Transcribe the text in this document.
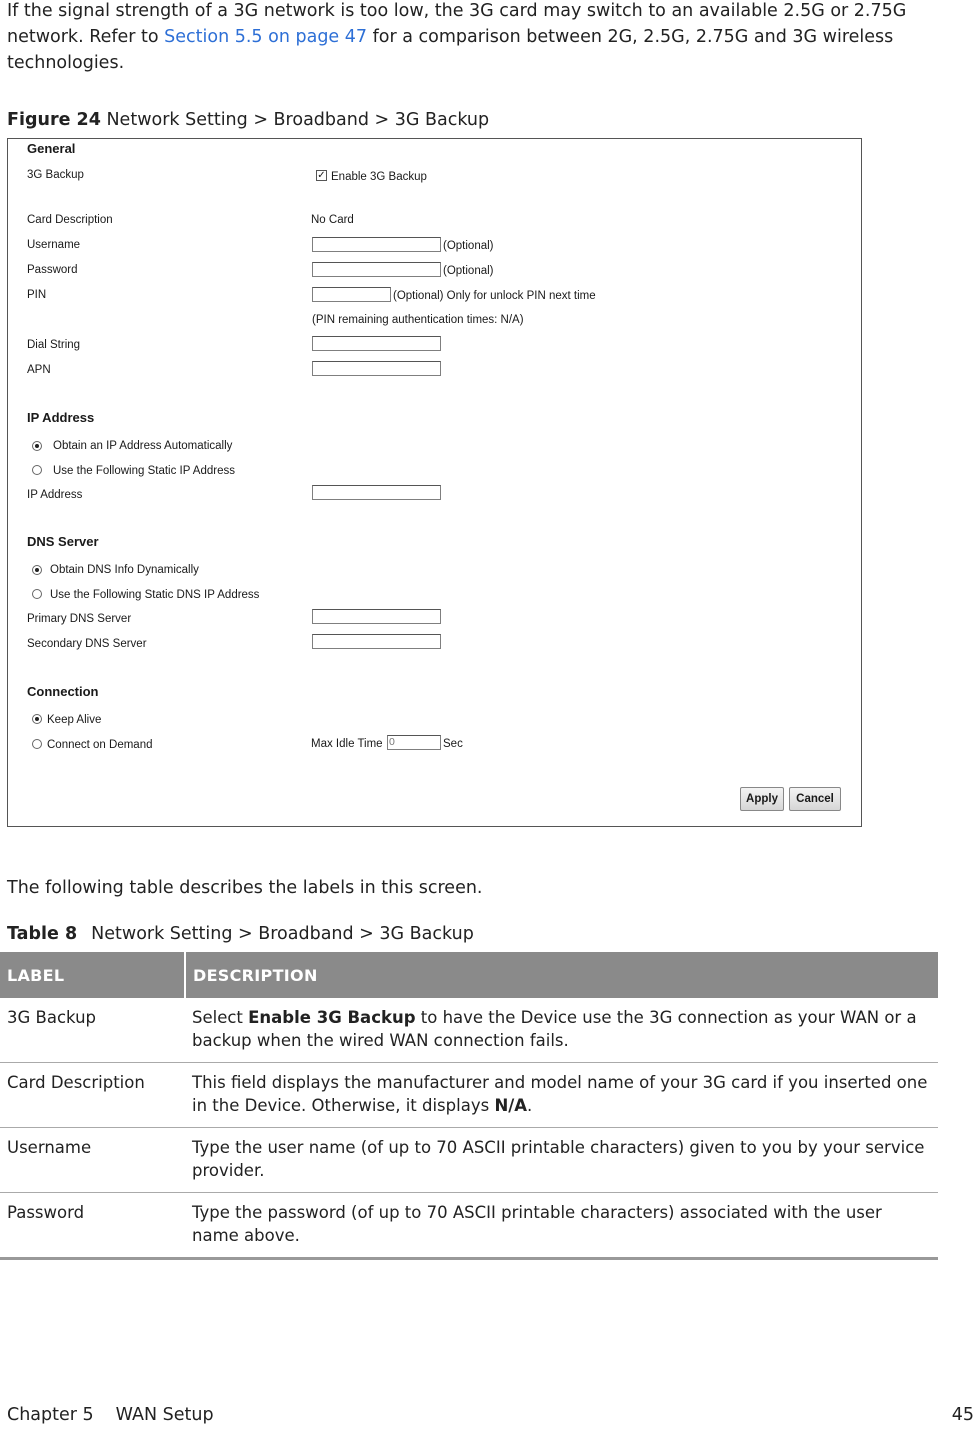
If the signal strength of a 3G network is too low, the 3G card may switch to an available 2.5G or 2.75G network. Refer to Section 5.5 on page 47 for a comparison between 2G, 2.5G, 2.75G and 3G wireless technologies.
Figure 24 Network Setting > Broadband > 3G Backup
General
3G Backup	✓ Enable 3G Backup
Card Description	No Card
Username	(Optional)
Password	(Optional)
PIN	(Optional) Only for unlock PIN next time
(PIN remaining authentication times: N/A)
Dial String
APN
IP Address
Obtain an IP Address Automatically
Use the Following Static IP Address
IP Address
DNS Server
Obtain DNS Info Dynamically
Use the Following Static DNS IP Address
Primary DNS Server
Secondary DNS Server
Connection
Keep Alive
Connect on Demand	Max Idle Time 0	Sec
Apply	Cancel
The following table describes the labels in this screen.
Table 8 Network Setting > Broadband > 3G Backup
LABEL	DESCRIPTION
3G Backup	Select Enable 3G Backup to have the Device use the 3G connection as your WAN or a backup when the wired WAN connection fails.
Card Description	This field displays the manufacturer and model name of your 3G card if you inserted one in the Device. Otherwise, it displays N/A.
Username	Type the user name (of up to 70 ASCII printable characters) given to you by your service provider.
Password	Type the password (of up to 70 ASCII printable characters) associated with the user name above.
Chapter 5 WAN Setup	45
